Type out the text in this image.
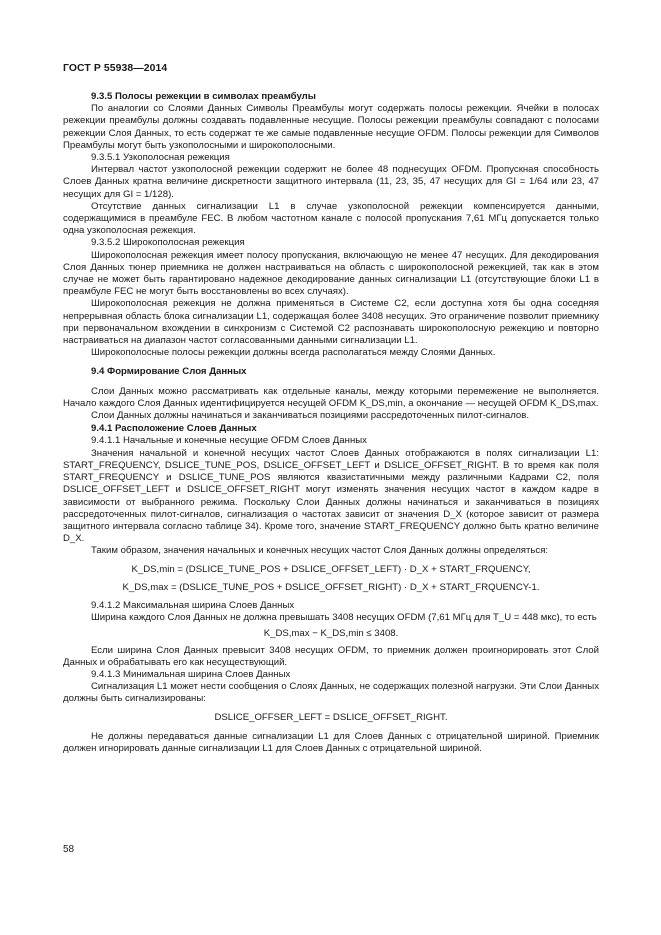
ГОСТ Р 55938—2014

9.3.5 Полосы режекции в символах преамбулы

По аналогии со Слоями Данных Символы Преамбулы могут содержать полосы режекции. Ячейки в полосах режекции преамбулы должны создавать подавленные несущие. Полосы режекции преамбулы совпадают с полосами режекции Слоя Данных, то есть содержат те же самые подавленные несущие OFDM. Полосы режекции для Символов Преамбулы могут быть узкополосными и широкополосными.

9.3.5.1 Узкополосная режекция

Интервал частот узкополосной режекции содержит не более 48 поднесущих OFDM. Пропускная способность Слоев Данных кратна величине дискретности защитного интервала (11, 23, 35, 47 несущих для GI = 1/64 или 23, 47 несущих для GI = 1/128).

Отсутствие данных сигнализации L1 в случае узкополосной режекции компенсируется данными, содержащимися в преамбуле FEC. В любом частотном канале с полосой пропускания 7,61 МГц допускается только одна узкополосная режекция.

9.3.5.2 Широкополосная режекция

Широкополосная режекция имеет полосу пропускания, включающую не менее 47 несущих. Для декодирования Слоя Данных тюнер приемника не должен настраиваться на область с широкополосной режекцией, так как в этом случае не может быть гарантировано надежное декодирование данных сигнализации L1 (отсутствующие блоки L1 в преамбуле FEC не могут быть восстановлены во всех случаях).

Широкополосная режекция не должна применяться в Системе C2, если доступна хотя бы одна соседняя непрерывная область блока сигнализации L1, содержащая более 3408 несущих. Это ограничение позволит приемнику при первоначальном вхождении в синхронизм с Системой C2 распознавать широкополосную режекцию и повторно настраиваться на диапазон частот согласованными данными сигнализации L1.

Широкополосные полосы режекции должны всегда располагаться между Слоями Данных.

9.4 Формирование Слоя Данных

Слои Данных можно рассматривать как отдельные каналы, между которыми перемежение не выполняется. Начало каждого Слоя Данных идентифицируется несущей OFDM K_DS,min, а окончание — несущей OFDM K_DS,max.

Слои Данных должны начинаться и заканчиваться позициями рассредоточенных пилот-сигналов.

9.4.1 Расположение Слоев Данных

9.4.1.1 Начальные и конечные несущие OFDM Слоев Данных

Значения начальной и конечной несущих частот Слоев Данных отображаются в полях сигнализации L1: START_FREQUENCY, DSLICE_TUNE_POS, DSLICE_OFFSET_LEFT и DSLICE_OFFSET_RIGHT. В то время как поля START_FREQUENCY и DSLICE_TUNE_POS являются квазистатичными между различными Кадрами C2, поля DSLICE_OFFSET_LEFT и DSLICE_OFFSET_RIGHT могут изменять значения несущих частот в каждом кадре в зависимости от выбранного режима. Поскольку Слои Данных должны начинаться и заканчиваться в позициях рассредоточенных пилот-сигналов, сигнализация о частотах зависит от значения D_X (которое зависит от размера защитного интервала согласно таблице 34). Кроме того, значение START_FREQUENCY должно быть кратно величине D_X.

Таким образом, значения начальных и конечных несущих частот Слоя Данных должны определяться:

K_DS,min = (DSLICE_TUNE_POS + DSLICE_OFFSET_LEFT) · D_X + START_FRQUENCY,

K_DS,max = (DSLICE_TUNE_POS + DSLICE_OFFSET_RIGHT) · D_X + START_FRQUENCY-1.

9.4.1.2 Максимальная ширина Слоев Данных

Ширина каждого Слоя Данных не должна превышать 3408 несущих OFDM (7,61 МГц для T_U = 448 мкс), то есть

K_DS,max − K_DS,min ≤ 3408.

Если ширина Слоя Данных превысит 3408 несущих OFDM, то приемник должен проигнорировать этот Слой Данных и обрабатывать его как несуществующий.

9.4.1.3 Минимальная ширина Слоев Данных

Сигнализация L1 может нести сообщения о Слоях Данных, не содержащих полезной нагрузки. Эти Слои Данных должны быть сигнализированы:

DSLICE_OFFSER_LEFT = DSLICE_OFFSET_RIGHT.

Не должны передаваться данные сигнализации L1 для Слоев Данных с отрицательной шириной. Приемник должен игнорировать данные сигнализации L1 для Слоев Данных с отрицательной шириной.

58
